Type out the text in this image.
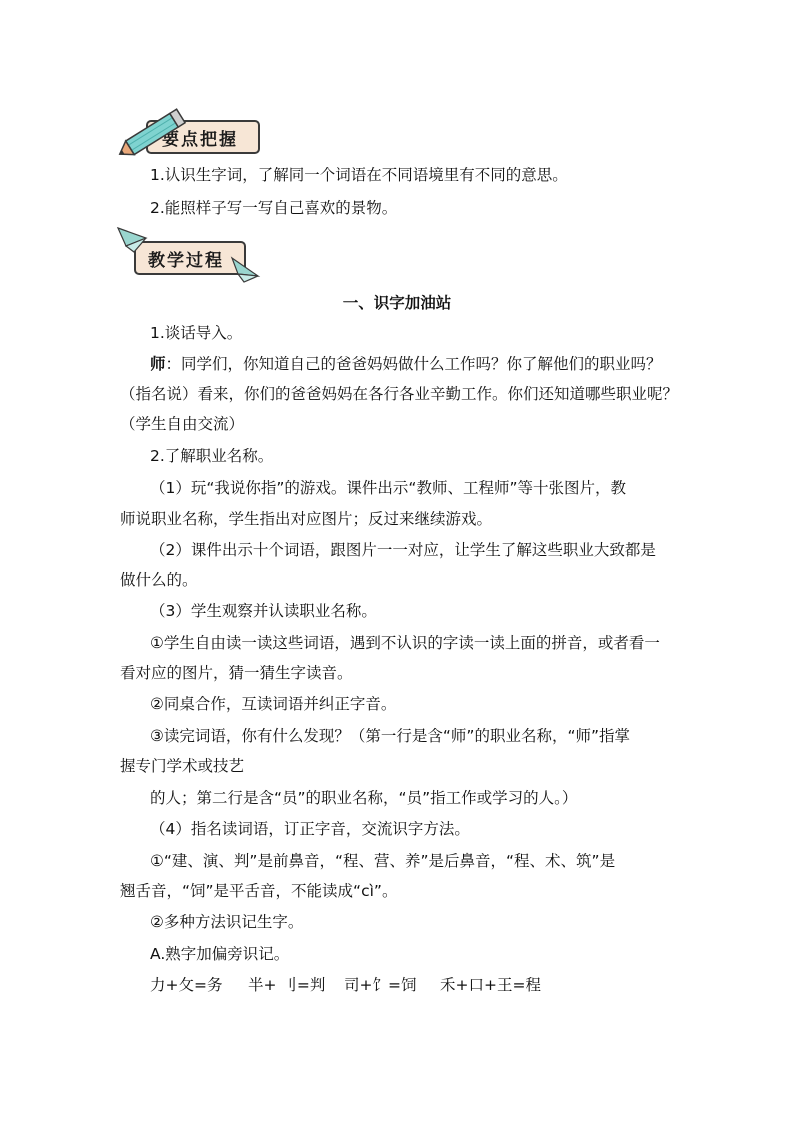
要点把握
1.认识生字词，了解同一个词语在不同语境里有不同的意思。
2.能照样子写一写自己喜欢的景物。
教学过程
一、识字加油站
1.谈话导入。
师：同学们，你知道自己的爸爸妈妈做什么工作吗？你了解他们的职业吗？
（指名说）看来，你们的爸爸妈妈在各行各业辛勤工作。你们还知道哪些职业呢？
（学生自由交流）
2.了解职业名称。
（1）玩“我说你指”的游戏。课件出示“教师、工程师”等十张图片，教
师说职业名称，学生指出对应图片；反过来继续游戏。
（2）课件出示十个词语，跟图片一一对应，让学生了解这些职业大致都是
做什么的。
（3）学生观察并认读职业名称。
①学生自由读一读这些词语，遇到不认识的字读一读上面的拼音，或者看一
看对应的图片，猜一猜生字读音。
②同桌合作，互读词语并纠正字音。
③读完词语，你有什么发现？（第一行是含“师”的职业名称，“师”指掌
握专门学术或技艺
的人；第二行是含“员”的职业名称，“员”指工作或学习的人。）
（4）指名读词语，订正字音，交流识字方法。
①“建、演、判”是前鼻音，“程、营、养”是后鼻音，“程、术、筑”是
翘舌音，“饲”是平舌音，不能读成“cì”。
②多种方法识记生字。
A.熟字加偏旁识记。
力+攵=务 半+ 刂=判 司+饣=饲 禾+口+王=程
